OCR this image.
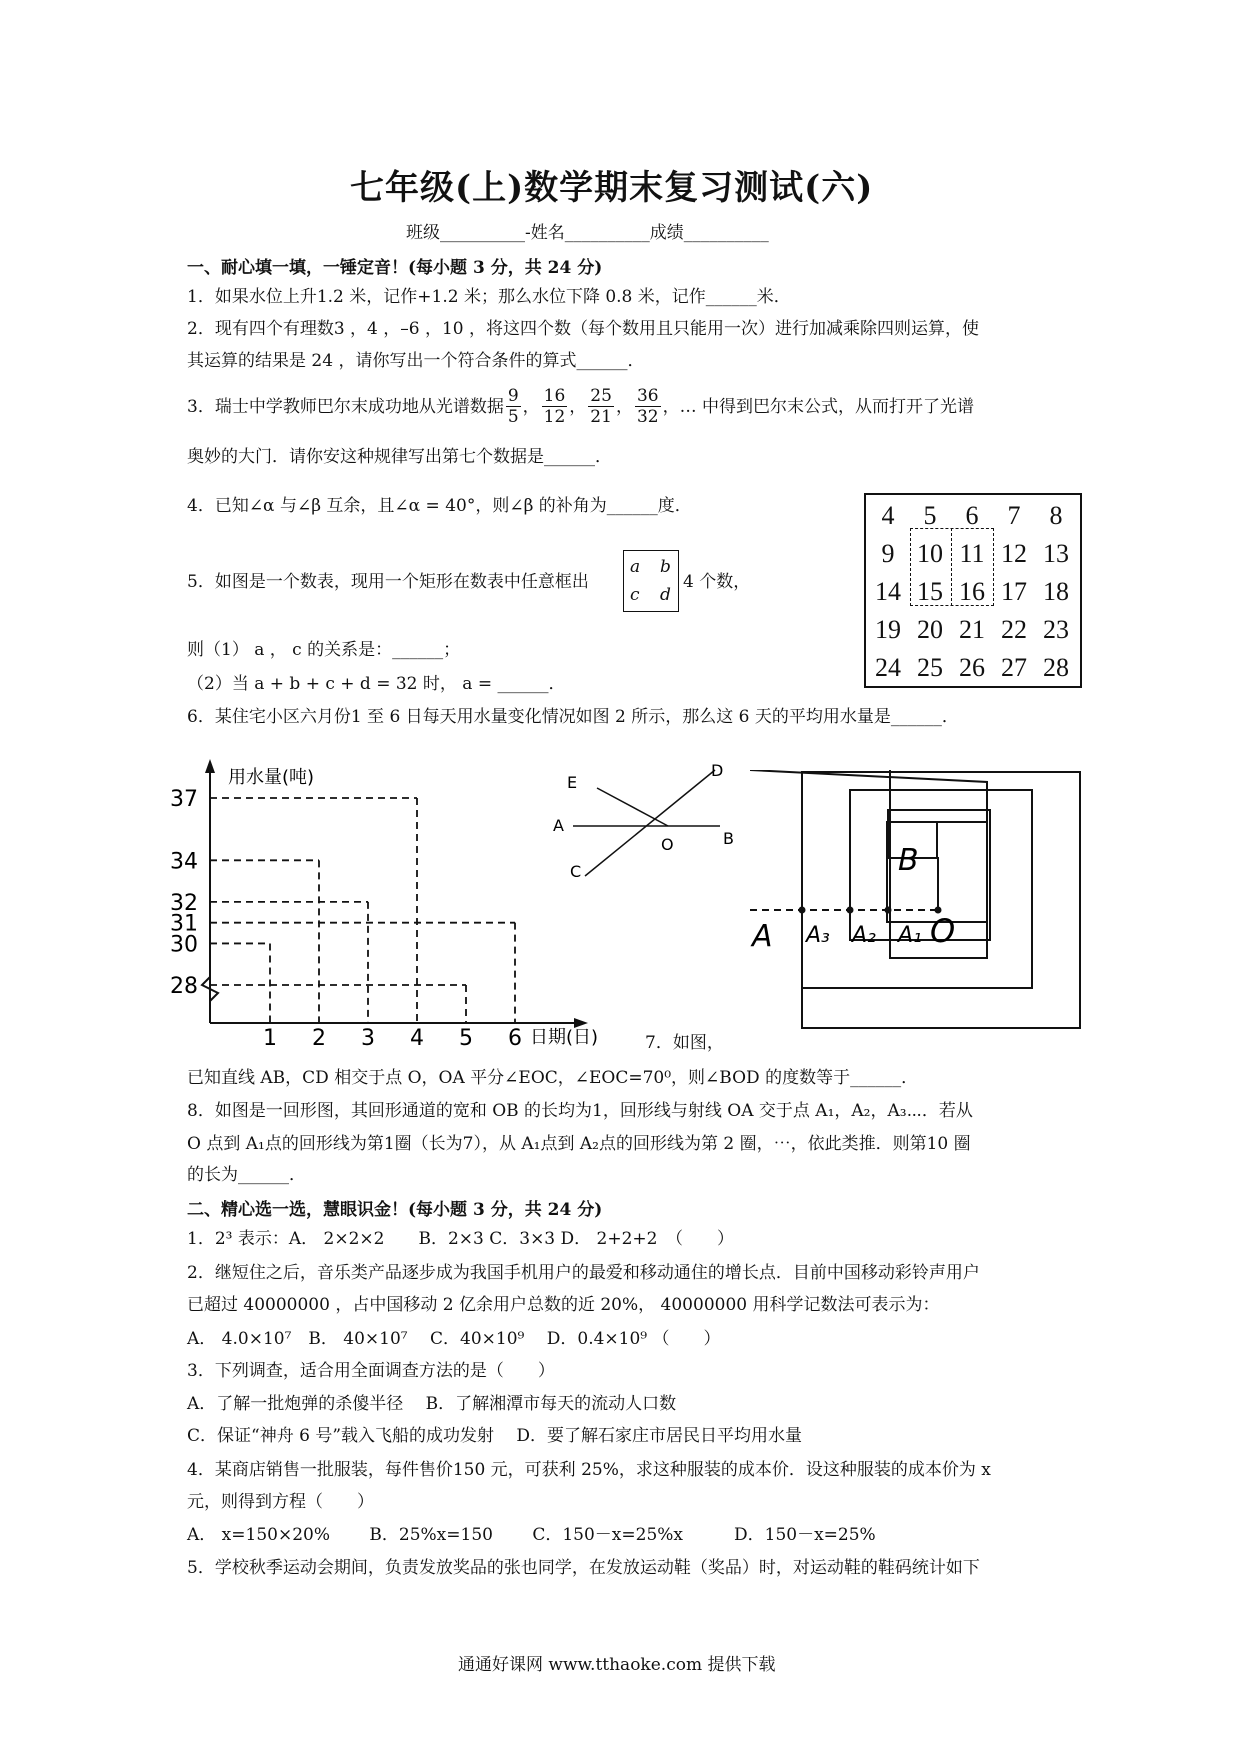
七年级(上)数学期末复习测试(六)
班级__________-姓名__________成绩__________
一、耐心填一填，一锤定音！(每小题 3 分，共 24 分)
1．如果水位上升1.2 米，记作+1.2 米；那么水位下降 0.8 米，记作______米．
2．现有四个有理数3 ，4 ，–6 ，10 ，将这四个数（每个数用且只能用一次）进行加减乘除四则运算，使
其运算的结果是 24 ，请你写出一个符合条件的算式______．
3．瑞士中学教师巴尔末成功地从光谱数据 $\frac{9}{5}$ ， $\frac{16}{12}$ ， $\frac{25}{21}$ ， $\frac{36}{32}$ ，… 中得到巴尔末公式，从而打开了光谱
奥妙的大门．请你安这种规律写出第七个数据是______．
4．已知∠α 与∠β 互余，且∠α = 40°，则∠β 的补角为______度．
5．如图是一个数表，现用一个矩形在数表中任意框出
a b
c d
4 个数，
则（1） a ， c 的关系是：______；
（2）当 a + b + c + d = 32 时， a = ______．
6．某住宅小区六月份1 至 6 日每天用水量变化情况如图 2 所示，那么这 6 天的平均用水量是______．
4	5	6	7	8
9 10 11 12 13
14 15 16 17 18
19 20 21 22 23
24 25 26 27 28
用水量(吨)
日期(日)
1 2 3 4 5 6
28
30
31
32
34
37
E
D
A
B
C
O
A A₃ A₂ A₁ O
B
7．如图，
已知直线 AB，CD 相交于点 O，OA 平分∠EOC，∠EOC=70⁰，则∠BOD 的度数等于______．
8．如图是一回形图，其回形通道的宽和 OB 的长均为1，回形线与射线 OA 交于点 A₁，A₂，A₃⋯．若从
O 点到 A₁点的回形线为第1圈（长为7），从 A₁点到 A₂点的回形线为第 2 圈，⋯，依此类推．则第10 圈
的长为______．
二、精心选一选，慧眼识金！(每小题 3 分，共 24 分)
1．2³ 表示：A． 2×2×2　　B．2×3 C．3×3 D． 2+2+2　（　　）
2．继短住之后，音乐类产品逐步成为我国手机用户的最爱和移动通住的增长点．目前中国移动彩铃声用户
已超过 40000000 ，占中国移动 2 亿余用户总数的近 20%， 40000000 用科学记数法可表示为：
A． 4.0×10⁷　B． 40×10⁷　 C．40×10⁹　 D．0.4×10⁹ （　　）
3．下列调查，适合用全面调查方法的是（　　）
A．了解一批炮弹的杀傻半径　 B．了解湘潭市每天的流动人口数
C．保证“神舟 6 号”载入飞船的成功发射　 D．要了解石家庄市居民日平均用水量
4．某商店销售一批服装，每件售价150 元，可获利 25%，求这种服装的成本价．设这种服装的成本价为 x
元，则得到方程（　　）
A． x=150×20%　　 B．25%x=150　　 C．150－x=25%x　　　D．150－x=25%
5．学校秋季运动会期间，负责发放奖品的张也同学，在发放运动鞋（奖品）时，对运动鞋的鞋码统计如下
通通好课网 www.tthaoke.com 提供下载
